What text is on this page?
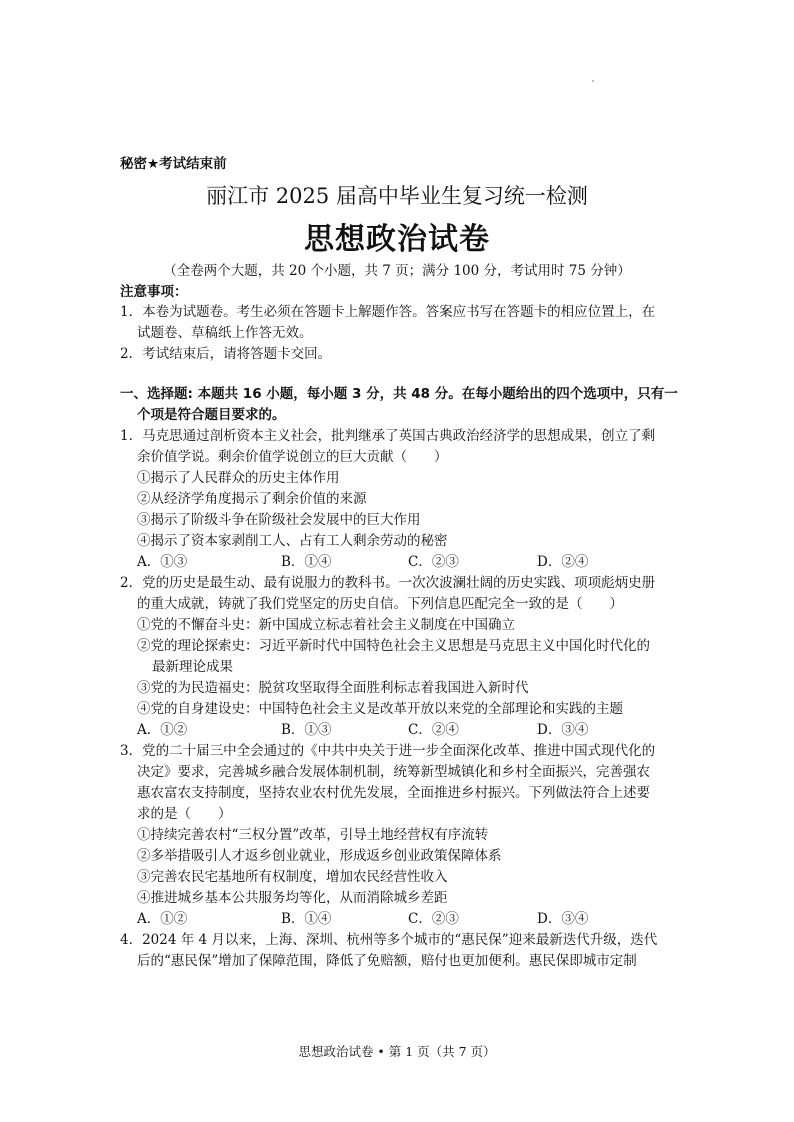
秘密★考试结束前
丽江市 2025 届高中毕业生复习统一检测
思想政治试卷
（全卷两个大题，共 20 个小题，共 7 页；满分 100 分，考试用时 75 分钟）
注意事项：
1．本卷为试题卷。考生必须在答题卡上解题作答。答案应书写在答题卡的相应位置上，在
试题卷、草稿纸上作答无效。
2．考试结束后，请将答题卡交回。
一、选择题: 本题共 16 小题，每小题 3 分，共 48 分。在每小题给出的四个选项中，只有一
个项是符合题目要求的。
1．马克思通过剖析资本主义社会，批判继承了英国古典政治经济学的思想成果，创立了剩
余价值学说。剩余价值学说创立的巨大贡献（　　）
①揭示了人民群众的历史主体作用
②从经济学角度揭示了剩余价值的来源
③揭示了阶级斗争在阶级社会发展中的巨大作用
④揭示了资本家剥削工人、占有工人剩余劳动的秘密
A．①③	B．①④	C．②③	D．②④
2．党的历史是最生动、最有说服力的教科书。一次次波澜壮阔的历史实践、项项彪炳史册
的重大成就，铸就了我们党坚定的历史自信。下列信息匹配完全一致的是（　　）
①党的不懈奋斗史：新中国成立标志着社会主义制度在中国确立
②党的理论探索史：习近平新时代中国特色社会主义思想是马克思主义中国化时代化的
最新理论成果
③党的为民造福史：脱贫攻坚取得全面胜利标志着我国进入新时代
④党的自身建设史：中国特色社会主义是改革开放以来党的全部理论和实践的主题
A．①②	B．①③	C．②④	D．③④
3．党的二十届三中全会通过的《中共中央关于进一步全面深化改革、推进中国式现代化的
决定》要求，完善城乡融合发展体制机制，统筹新型城镇化和乡村全面振兴，完善强农
惠农富农支持制度，坚持农业农村优先发展，全面推进乡村振兴。下列做法符合上述要
求的是（　　）
①持续完善农村“三权分置”改革，引导土地经营权有序流转
②多举措吸引人才返乡创业就业，形成返乡创业政策保障体系
③完善农民宅基地所有权制度，增加农民经营性收入
④推进城乡基本公共服务均等化，从而消除城乡差距
A．①②	B．①④	C．②③	D．③④
4．2024 年 4 月以来，上海、深圳、杭州等多个城市的“惠民保”迎来最新迭代升级，迭代
后的“惠民保”增加了保障范围，降低了免赔额，赔付也更加便利。惠民保即城市定制
思想政治试卷 • 第 1 页（共 7 页）
